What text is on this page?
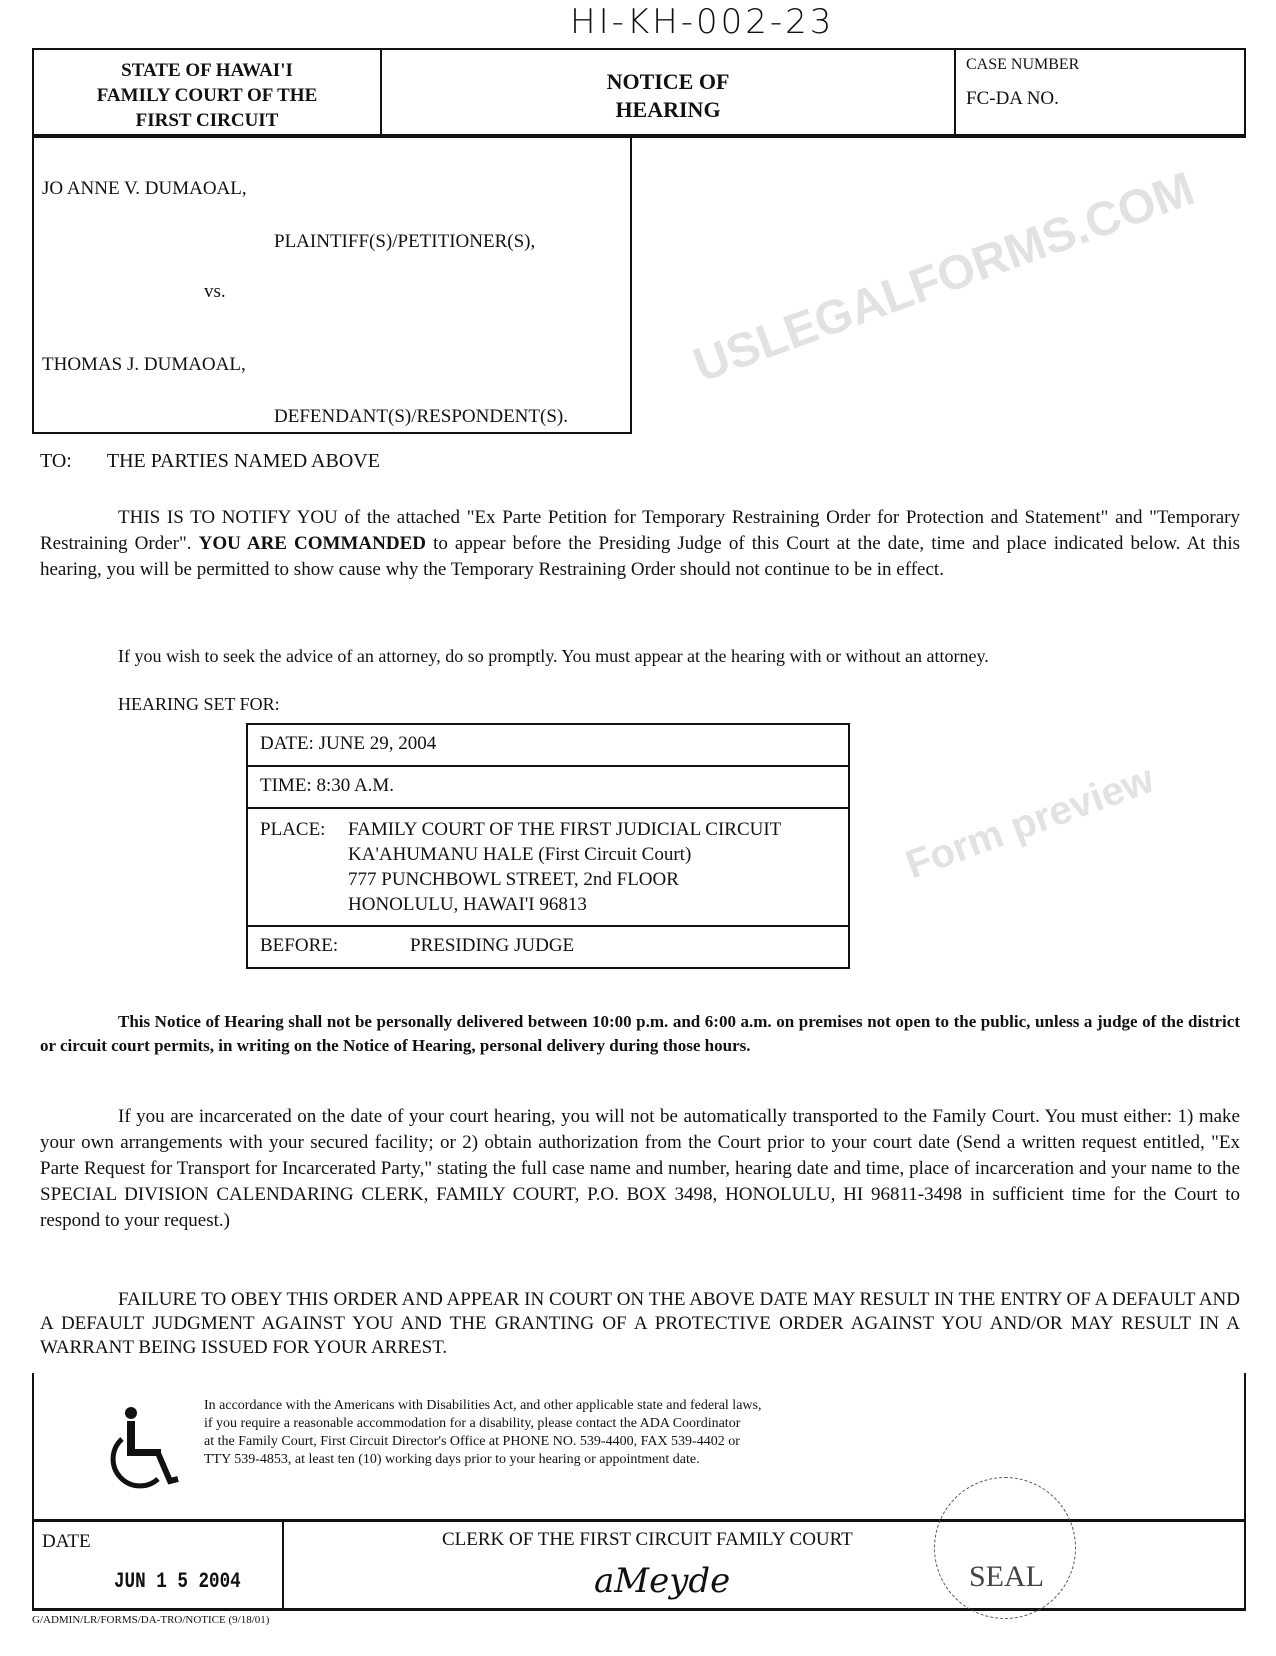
HI-KH-002-23
STATE OF HAWAI'I
FAMILY COURT OF THE
FIRST CIRCUIT
NOTICE OF
HEARING
CASE NUMBER
FC-DA NO.
JO ANNE V. DUMAOAL,
PLAINTIFF(S)/PETITIONER(S),
vs.
THOMAS J. DUMAOAL,
DEFENDANT(S)/RESPONDENT(S).
TO: THE PARTIES NAMED ABOVE
THIS IS TO NOTIFY YOU of the attached "Ex Parte Petition for Temporary Restraining Order for Protection and Statement" and "Temporary Restraining Order". YOU ARE COMMANDED to appear before the Presiding Judge of this Court at the date, time and place indicated below. At this hearing, you will be permitted to show cause why the Temporary Restraining Order should not continue to be in effect.
If you wish to seek the advice of an attorney, do so promptly. You must appear at the hearing with or without an attorney.
HEARING SET FOR:
DATE: JUNE 29, 2004
TIME: 8:30 A.M.
PLACE:	FAMILY COURT OF THE FIRST JUDICIAL CIRCUIT
KA'AHUMANU HALE (First Circuit Court)
777 PUNCHBOWL STREET, 2nd FLOOR
HONOLULU, HAWAI'I 96813
BEFORE:	PRESIDING JUDGE
This Notice of Hearing shall not be personally delivered between 10:00 p.m. and 6:00 a.m. on premises not open to the public, unless a judge of the district or circuit court permits, in writing on the Notice of Hearing, personal delivery during those hours.
If you are incarcerated on the date of your court hearing, you will not be automatically transported to the Family Court. You must either: 1) make your own arrangements with your secured facility; or 2) obtain authorization from the Court prior to your court date (Send a written request entitled, "Ex Parte Request for Transport for Incarcerated Party," stating the full case name and number, hearing date and time, place of incarceration and your name to the SPECIAL DIVISION CALENDARING CLERK, FAMILY COURT, P.O. BOX 3498, HONOLULU, HI 96811-3498 in sufficient time for the Court to respond to your request.)
FAILURE TO OBEY THIS ORDER AND APPEAR IN COURT ON THE ABOVE DATE MAY RESULT IN THE ENTRY OF A DEFAULT AND A DEFAULT JUDGMENT AGAINST YOU AND THE GRANTING OF A PROTECTIVE ORDER AGAINST YOU AND/OR MAY RESULT IN A WARRANT BEING ISSUED FOR YOUR ARREST.
In accordance with the Americans with Disabilities Act, and other applicable state and federal laws,
if you require a reasonable accommodation for a disability, please contact the ADA Coordinator
at the Family Court, First Circuit Director's Office at PHONE NO. 539-4400, FAX 539-4402 or
TTY 539-4853, at least ten (10) working days prior to your hearing or appointment date.
DATE
JUN 1 5 2004
CLERK OF THE FIRST CIRCUIT FAMILY COURT
aMeyde	SEAL
G/ADMIN/LR/FORMS/DA-TRO/NOTICE (9/18/01)
USLEGALFORMS.COM
Form preview
